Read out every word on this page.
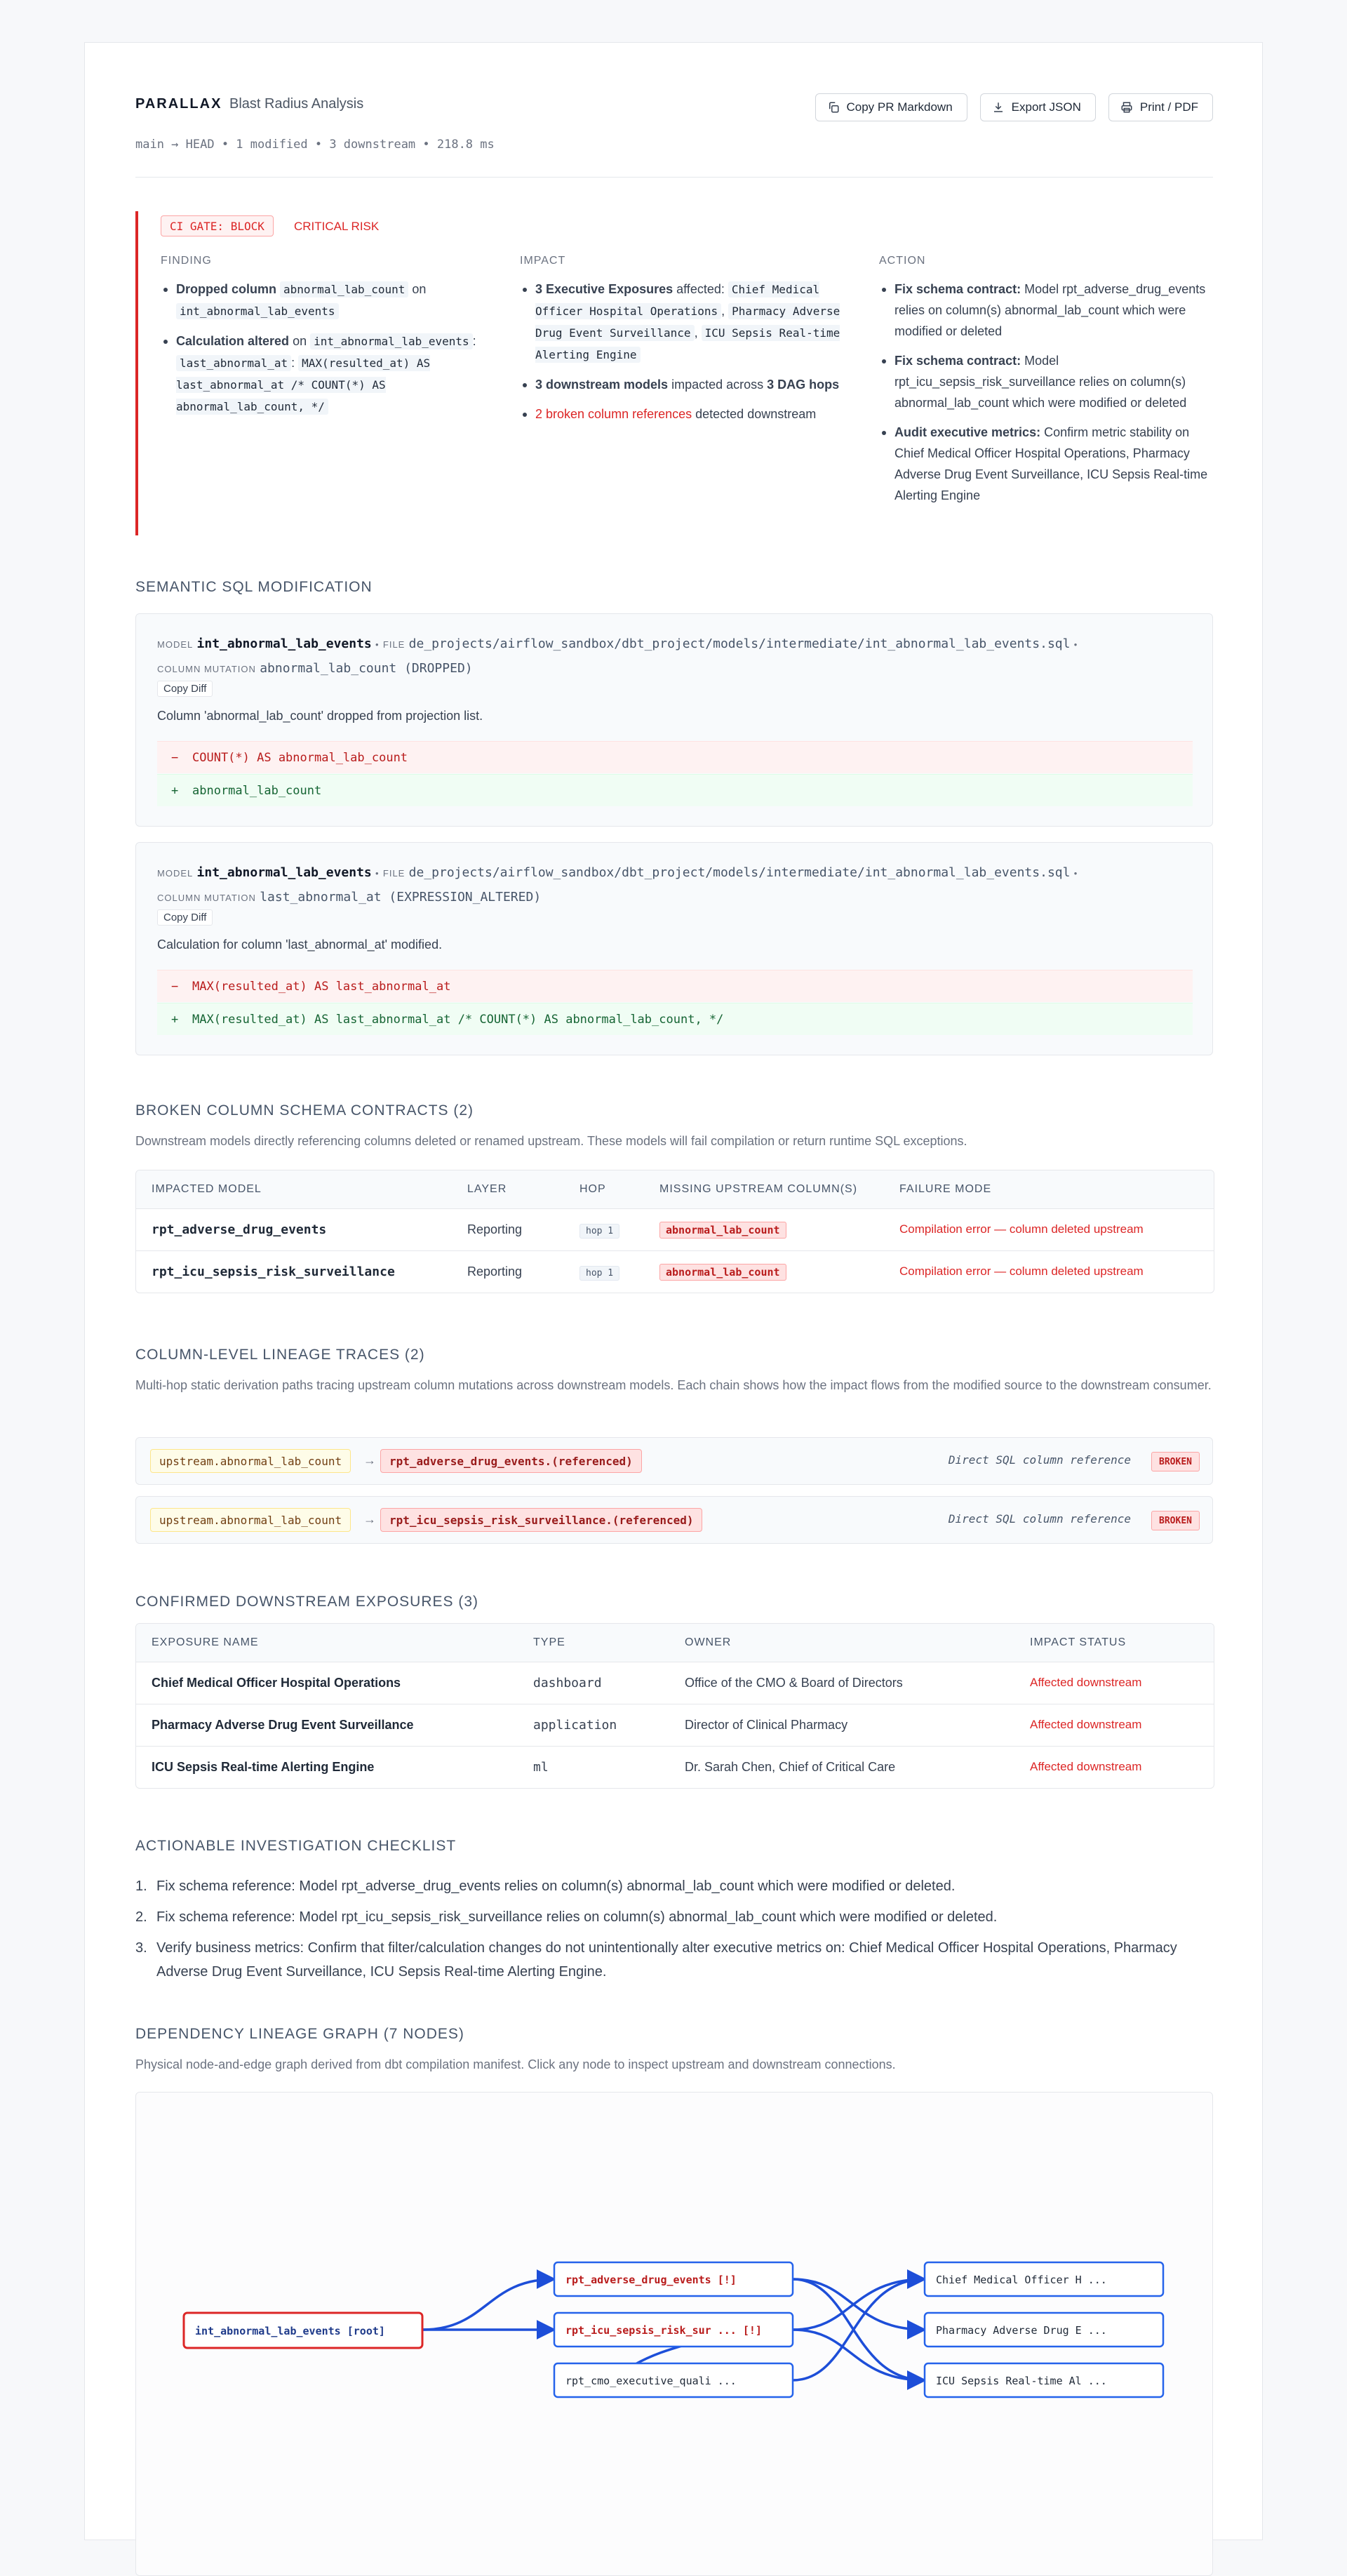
PARALLAX Blast Radius Analysis
main → HEAD • 1 modified • 3 downstream • 218.8 ms
Copy PR Markdown	Export JSON	Print / PDF
CI GATE: BLOCK	CRITICAL RISK
FINDING
Dropped column abnormal_lab_count on int_abnormal_lab_events
Calculation altered on int_abnormal_lab_events : last_abnormal_at : MAX(resulted_at) AS last_abnormal_at /* COUNT(*) AS abnormal_lab_count, */
IMPACT
3 Executive Exposures affected: Chief Medical Officer Hospital Operations , Pharmacy Adverse Drug Event Surveillance , ICU Sepsis Real-time Alerting Engine
3 downstream models impacted across 3 DAG hops
2 broken column references detected downstream
ACTION
Fix schema contract: Model rpt_adverse_drug_events relies on column(s) abnormal_lab_count which were modified or deleted
Fix schema contract: Model rpt_icu_sepsis_risk_surveillance relies on column(s) abnormal_lab_count which were modified or deleted
Audit executive metrics: Confirm metric stability on Chief Medical Officer Hospital Operations, Pharmacy Adverse Drug Event Surveillance, ICU Sepsis Real-time Alerting Engine
SEMANTIC SQL MODIFICATION
MODEL int_abnormal_lab_events • FILE de_projects/airflow_sandbox/dbt_project/models/intermediate/int_abnormal_lab_events.sql •
COLUMN MUTATION abnormal_lab_count (DROPPED)
Copy Diff
Column 'abnormal_lab_count' dropped from projection list.
−	COUNT(*) AS abnormal_lab_count
+	abnormal_lab_count
MODEL int_abnormal_lab_events • FILE de_projects/airflow_sandbox/dbt_project/models/intermediate/int_abnormal_lab_events.sql •
COLUMN MUTATION last_abnormal_at (EXPRESSION_ALTERED)
Copy Diff
Calculation for column 'last_abnormal_at' modified.
−	MAX(resulted_at) AS last_abnormal_at
+	MAX(resulted_at) AS last_abnormal_at /* COUNT(*) AS abnormal_lab_count, */
BROKEN COLUMN SCHEMA CONTRACTS (2)
Downstream models directly referencing columns deleted or renamed upstream. These models will fail compilation or return runtime SQL exceptions.
IMPACTED MODEL	LAYER	HOP	MISSING UPSTREAM COLUMN(S)	FAILURE MODE
rpt_adverse_drug_events	Reporting	hop 1	abnormal_lab_count	Compilation error — column deleted upstream
rpt_icu_sepsis_risk_surveillance	Reporting	hop 1	abnormal_lab_count	Compilation error — column deleted upstream
COLUMN-LEVEL LINEAGE TRACES (2)
Multi-hop static derivation paths tracing upstream column mutations across downstream models. Each chain shows how the impact flows from the modified source to the downstream consumer.
upstream.abnormal_lab_count	→	rpt_adverse_drug_events.(referenced)	Direct SQL column reference	BROKEN
upstream.abnormal_lab_count	→	rpt_icu_sepsis_risk_surveillance.(referenced)	Direct SQL column reference	BROKEN
CONFIRMED DOWNSTREAM EXPOSURES (3)
EXPOSURE NAME	TYPE	OWNER	IMPACT STATUS
Chief Medical Officer Hospital Operations	dashboard	Office of the CMO & Board of Directors	Affected downstream
Pharmacy Adverse Drug Event Surveillance	application	Director of Clinical Pharmacy	Affected downstream
ICU Sepsis Real-time Alerting Engine	ml	Dr. Sarah Chen, Chief of Critical Care	Affected downstream
ACTIONABLE INVESTIGATION CHECKLIST
1. Fix schema reference: Model rpt_adverse_drug_events relies on column(s) abnormal_lab_count which were modified or deleted.
2. Fix schema reference: Model rpt_icu_sepsis_risk_surveillance relies on column(s) abnormal_lab_count which were modified or deleted.
3. Verify business metrics: Confirm that filter/calculation changes do not unintentionally alter executive metrics on: Chief Medical Officer Hospital Operations, Pharmacy Adverse Drug Event Surveillance, ICU Sepsis Real-time Alerting Engine.
DEPENDENCY LINEAGE GRAPH (7 NODES)
Physical node-and-edge graph derived from dbt compilation manifest. Click any node to inspect upstream and downstream connections.
int_abnormal_lab_events [root]
rpt_adverse_drug_events [!]
rpt_icu_sepsis_risk_sur ... [!]
rpt_cmo_executive_quali ...
Chief Medical Officer H ...
Pharmacy Adverse Drug E ...
ICU Sepsis Real-time Al ...
